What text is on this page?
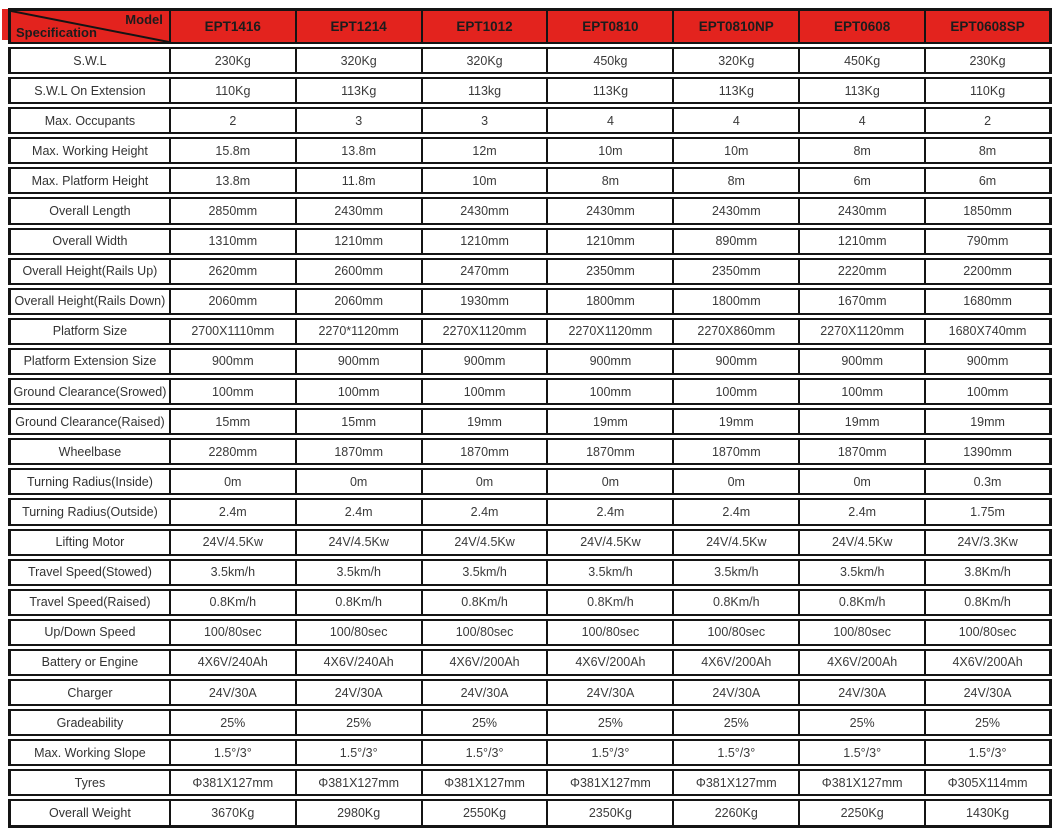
Model
Specification	EPT1416	EPT1214	EPT1012	EPT0810	EPT0810NP	EPT0608	EPT0608SP
S.W.L	230Kg	320Kg	320Kg	450kg	320Kg	450Kg	230Kg
S.W.L On Extension	110Kg	113Kg	113kg	113Kg	113Kg	113Kg	110Kg
Max. Occupants	2	3	3	4	4	4	2
Max. Working Height	15.8m	13.8m	12m	10m	10m	8m	8m
Max. Platform Height	13.8m	11.8m	10m	8m	8m	6m	6m
Overall Length	2850mm	2430mm	2430mm	2430mm	2430mm	2430mm	1850mm
Overall Width	1310mm	1210mm	1210mm	1210mm	890mm	1210mm	790mm
Overall Height(Rails Up)	2620mm	2600mm	2470mm	2350mm	2350mm	2220mm	2200mm
Overall Height(Rails Down)	2060mm	2060mm	1930mm	1800mm	1800mm	1670mm	1680mm
Platform Size	2700X1110mm	2270*1120mm	2270X1120mm	2270X1120mm	2270X860mm	2270X1120mm	1680X740mm
Platform Extension Size	900mm	900mm	900mm	900mm	900mm	900mm	900mm
Ground Clearance(Srowed)	100mm	100mm	100mm	100mm	100mm	100mm	100mm
Ground Clearance(Raised)	15mm	15mm	19mm	19mm	19mm	19mm	19mm
Wheelbase	2280mm	1870mm	1870mm	1870mm	1870mm	1870mm	1390mm
Turning Radius(Inside)	0m	0m	0m	0m	0m	0m	0.3m
Turning Radius(Outside)	2.4m	2.4m	2.4m	2.4m	2.4m	2.4m	1.75m
Lifting Motor	24V/4.5Kw	24V/4.5Kw	24V/4.5Kw	24V/4.5Kw	24V/4.5Kw	24V/4.5Kw	24V/3.3Kw
Travel Speed(Stowed)	3.5km/h	3.5km/h	3.5km/h	3.5km/h	3.5km/h	3.5km/h	3.8Km/h
Travel Speed(Raised)	0.8Km/h	0.8Km/h	0.8Km/h	0.8Km/h	0.8Km/h	0.8Km/h	0.8Km/h
Up/Down Speed	100/80sec	100/80sec	100/80sec	100/80sec	100/80sec	100/80sec	100/80sec
Battery or Engine	4X6V/240Ah	4X6V/240Ah	4X6V/200Ah	4X6V/200Ah	4X6V/200Ah	4X6V/200Ah	4X6V/200Ah
Charger	24V/30A	24V/30A	24V/30A	24V/30A	24V/30A	24V/30A	24V/30A
Gradeability	25%	25%	25%	25%	25%	25%	25%
Max. Working Slope	1.5°/3°	1.5°/3°	1.5°/3°	1.5°/3°	1.5°/3°	1.5°/3°	1.5°/3°
Tyres	Φ381X127mm	Φ381X127mm	Φ381X127mm	Φ381X127mm	Φ381X127mm	Φ381X127mm	Φ305X114mm
Overall Weight	3670Kg	2980Kg	2550Kg	2350Kg	2260Kg	2250Kg	1430Kg
